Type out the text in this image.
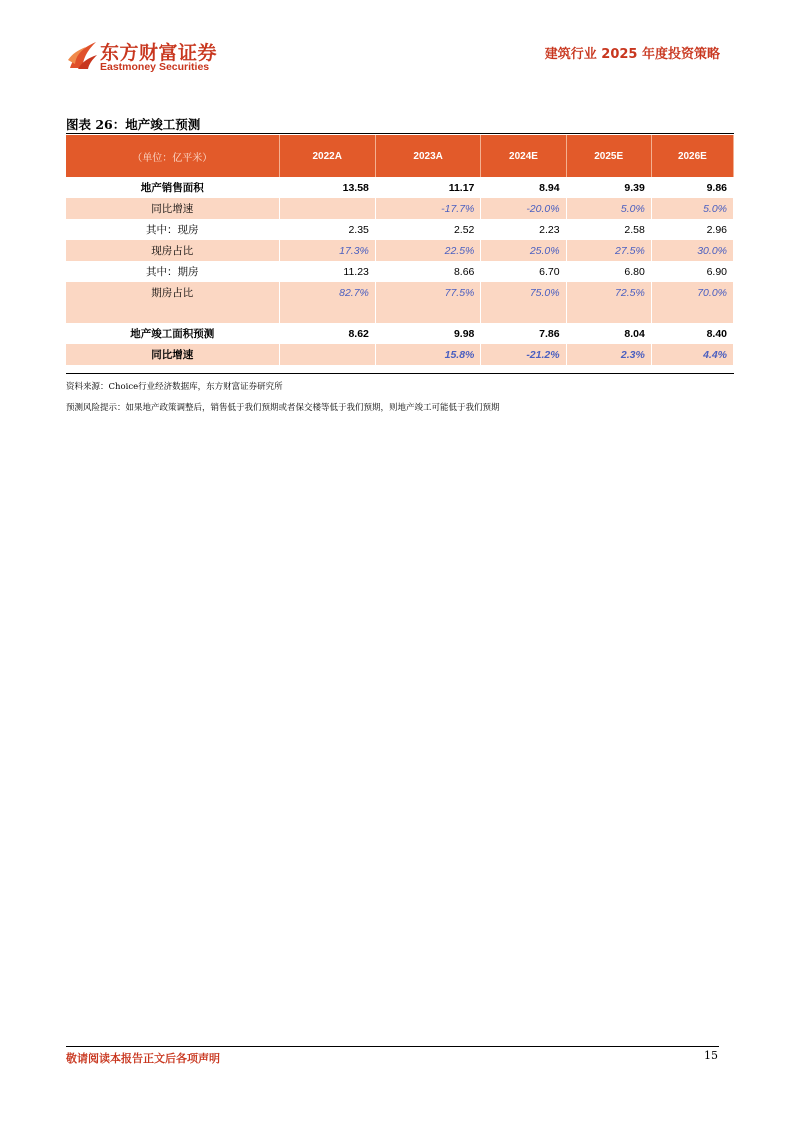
东方财富证券
Eastmoney Securities
建筑行业 2025 年度投资策略
图表 26：地产竣工预测
（单位：亿平米）	2022A	2023A	2024E	2025E	2026E
地产销售面积	13.58	11.17	8.94	9.39	9.86
同比增速		-17.7%	-20.0%	5.0%	5.0%
其中：现房	2.35	2.52	2.23	2.58	2.96
现房占比	17.3%	22.5%	25.0%	27.5%	30.0%
其中：期房	11.23	8.66	6.70	6.80	6.90
期房占比	82.7%	77.5%	75.0%	72.5%	70.0%

地产竣工面积预测	8.62	9.98	7.86	8.04	8.40
同比增速		15.8%	-21.2%	2.3%	4.4%
资料来源：Choice行业经济数据库，东方财富证券研究所
预测风险提示：如果地产政策调整后，销售低于我们预期或者保交楼等低于我们预期，则地产竣工可能低于我们预期
敬请阅读本报告正文后各项声明	15
